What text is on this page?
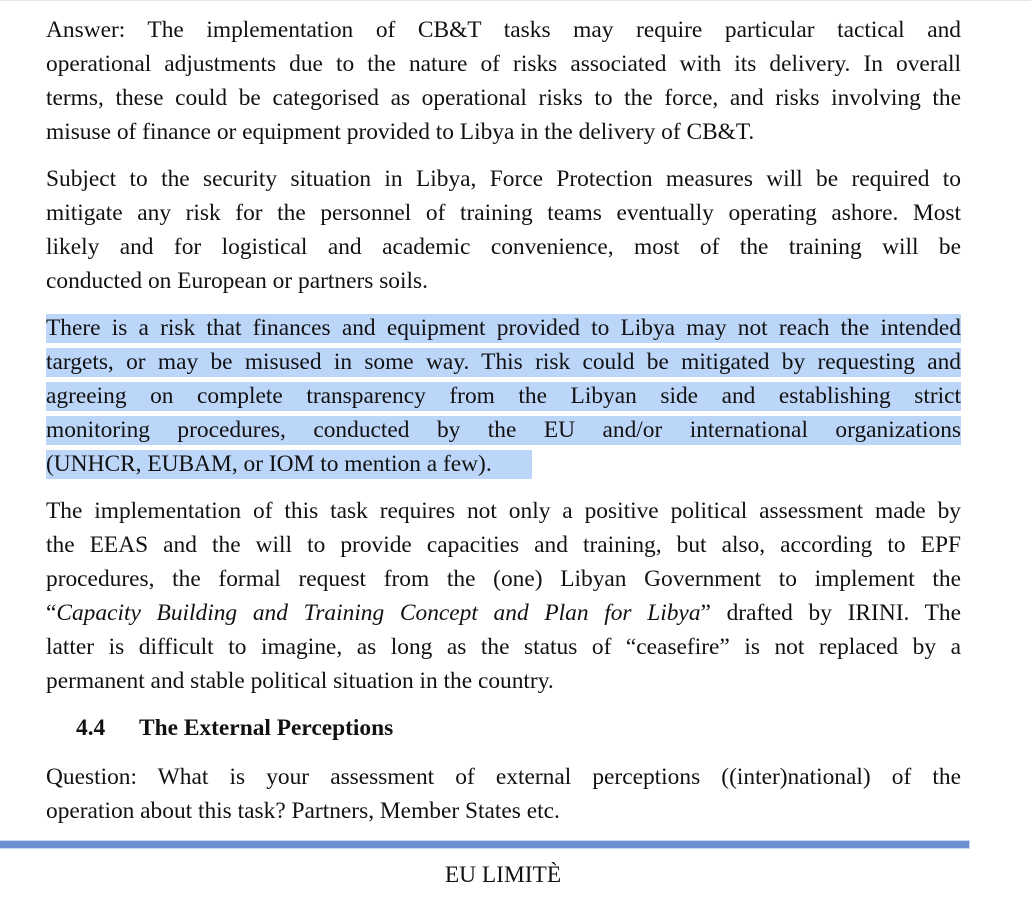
Answer: The implementation of CB&T tasks may require particular tactical and
operational adjustments due to the nature of risks associated with its delivery. In overall
terms, these could be categorised as operational risks to the force, and risks involving the
misuse of finance or equipment provided to Libya in the delivery of CB&T.
Subject to the security situation in Libya, Force Protection measures will be required to
mitigate any risk for the personnel of training teams eventually operating ashore. Most
likely and for logistical and academic convenience, most of the training will be
conducted on European or partners soils.
There is a risk that finances and equipment provided to Libya may not reach the intended
targets, or may be misused in some way. This risk could be mitigated by requesting and
agreeing on complete transparency from the Libyan side and establishing strict
monitoring procedures, conducted by the EU and/or international organizations
(UNHCR, EUBAM, or IOM to mention a few).
The implementation of this task requires not only a positive political assessment made by
the EEAS and the will to provide capacities and training, but also, according to EPF
procedures, the formal request from the (one) Libyan Government to implement the
“Capacity Building and Training Concept and Plan for Libya” drafted by IRINI. The
latter is difficult to imagine, as long as the status of “ceasefire” is not replaced by a
permanent and stable political situation in the country.
4.4 The External Perceptions
Question: What is your assessment of external perceptions ((inter)national) of the
operation about this task? Partners, Member States etc.
EU LIMITÈ
